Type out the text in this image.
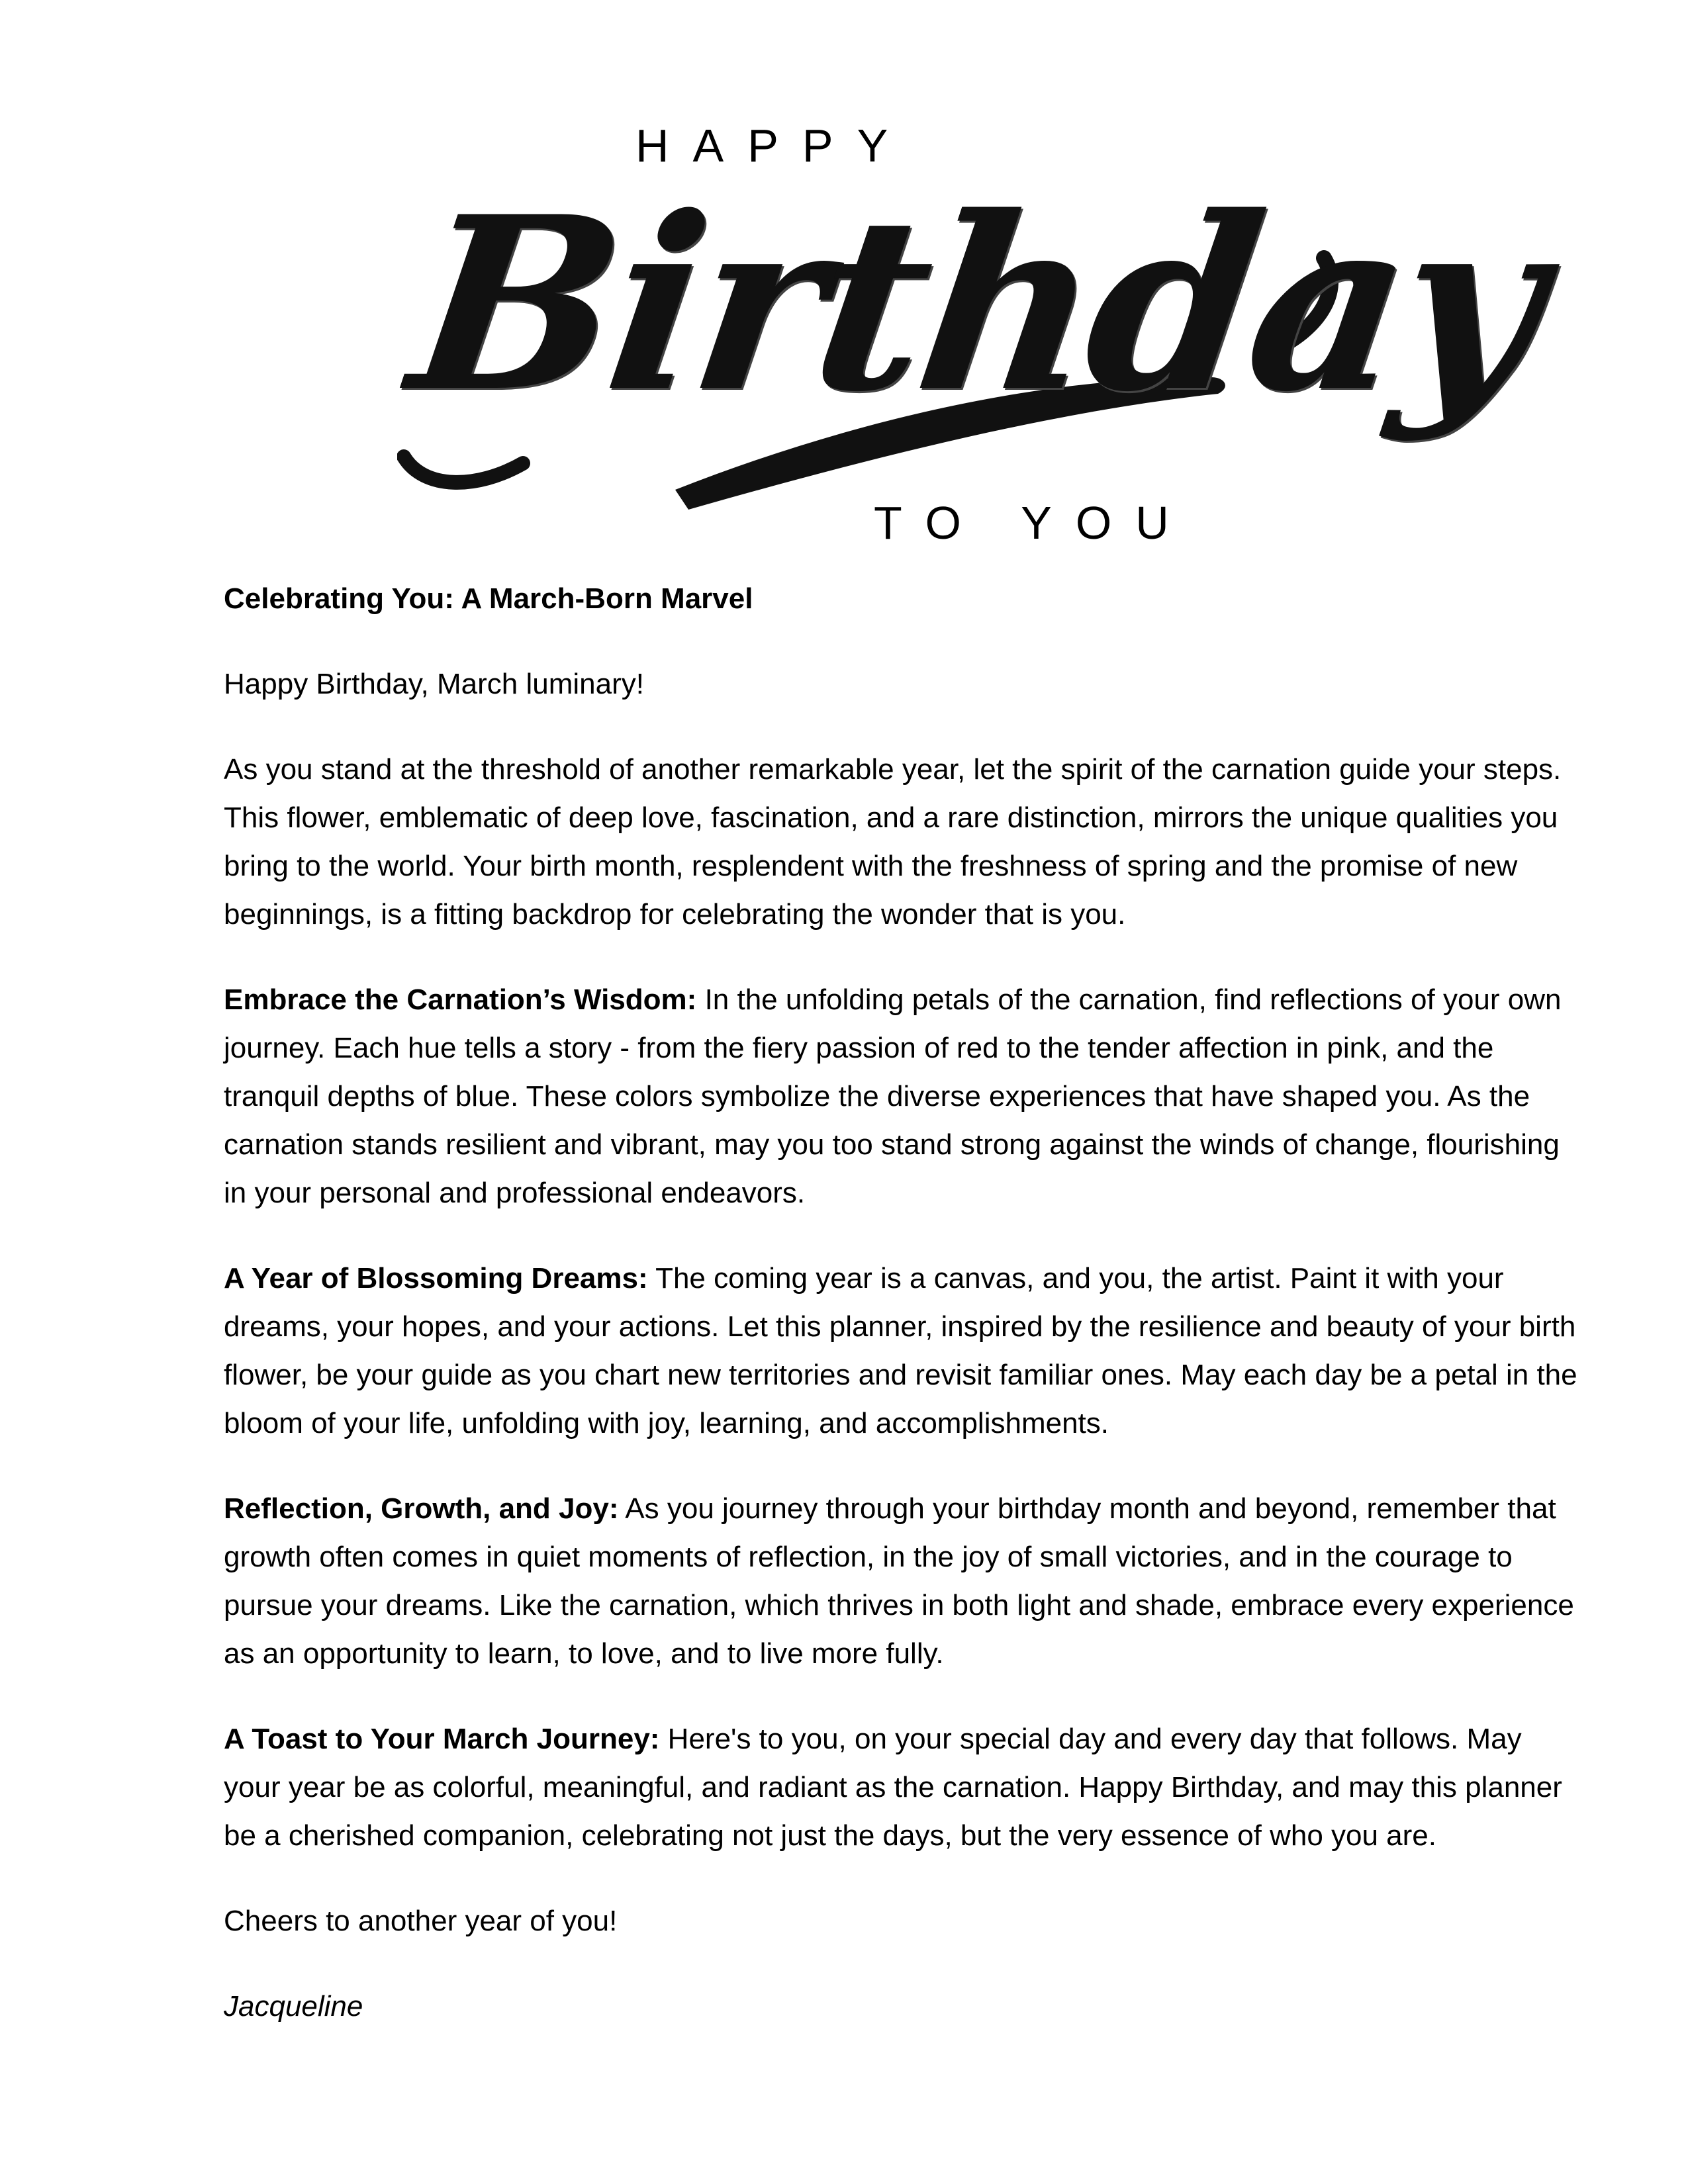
HAPPY
Birthday
TO YOU

Celebrating You: A March-Born Marvel

Happy Birthday, March luminary!

As you stand at the threshold of another remarkable year, let the spirit of the carnation guide your steps. This flower, emblematic of deep love, fascination, and a rare distinction, mirrors the unique qualities you bring to the world. Your birth month, resplendent with the freshness of spring and the promise of new beginnings, is a fitting backdrop for celebrating the wonder that is you.

Embrace the Carnation’s Wisdom: In the unfolding petals of the carnation, find reflections of your own journey. Each hue tells a story - from the fiery passion of red to the tender affection in pink, and the tranquil depths of blue. These colors symbolize the diverse experiences that have shaped you. As the carnation stands resilient and vibrant, may you too stand strong against the winds of change, flourishing in your personal and professional endeavors.

A Year of Blossoming Dreams: The coming year is a canvas, and you, the artist. Paint it with your dreams, your hopes, and your actions. Let this planner, inspired by the resilience and beauty of your birth flower, be your guide as you chart new territories and revisit familiar ones. May each day be a petal in the bloom of your life, unfolding with joy, learning, and accomplishments.

Reflection, Growth, and Joy: As you journey through your birthday month and beyond, remember that growth often comes in quiet moments of reflection, in the joy of small victories, and in the courage to pursue your dreams. Like the carnation, which thrives in both light and shade, embrace every experience as an opportunity to learn, to love, and to live more fully.

A Toast to Your March Journey: Here's to you, on your special day and every day that follows. May your year be as colorful, meaningful, and radiant as the carnation. Happy Birthday, and may this planner be a cherished companion, celebrating not just the days, but the very essence of who you are.

Cheers to another year of you!

Jacqueline
